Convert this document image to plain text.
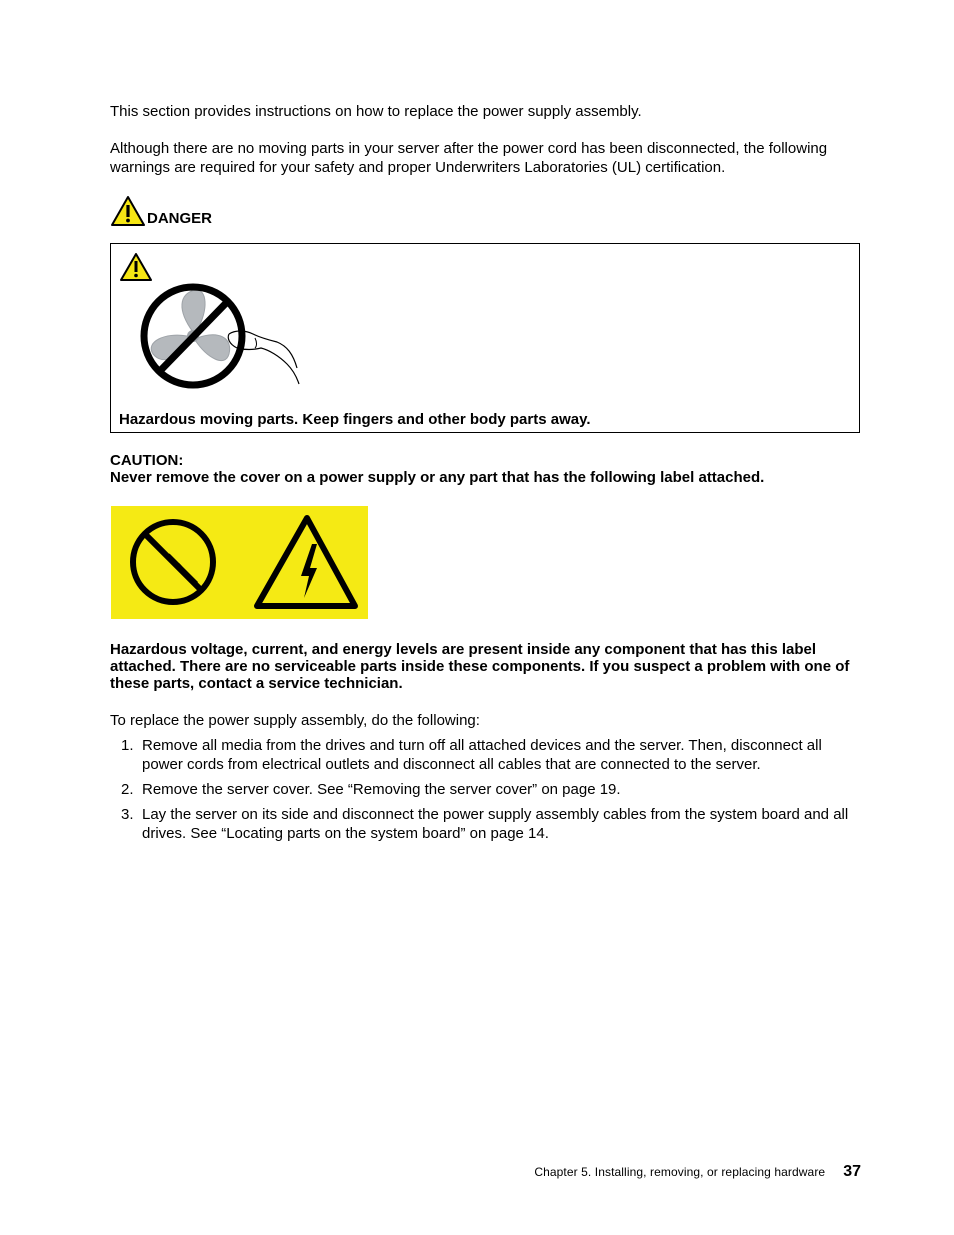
This section provides instructions on how to replace the power supply assembly.

Although there are no moving parts in your server after the power cord has been disconnected, the following warnings are required for your safety and proper Underwriters Laboratories (UL) certification.

DANGER
Hazardous moving parts. Keep fingers and other body parts away.

CAUTION:

Never remove the cover on a power supply or any part that has the following label attached.

Hazardous voltage, current, and energy levels are present inside any component that has this label attached. There are no serviceable parts inside these components. If you suspect a problem with one of these parts, contact a service technician.

To replace the power supply assembly, do the following:

1. Remove all media from the drives and turn off all attached devices and the server. Then, disconnect all power cords from electrical outlets and disconnect all cables that are connected to the server.
2. Remove the server cover. See “Removing the server cover” on page 19.
3. Lay the server on its side and disconnect the power supply assembly cables from the system board and all drives. See “Locating parts on the system board” on page 14.
Chapter 5. Installing, removing, or replacing hardware 37
